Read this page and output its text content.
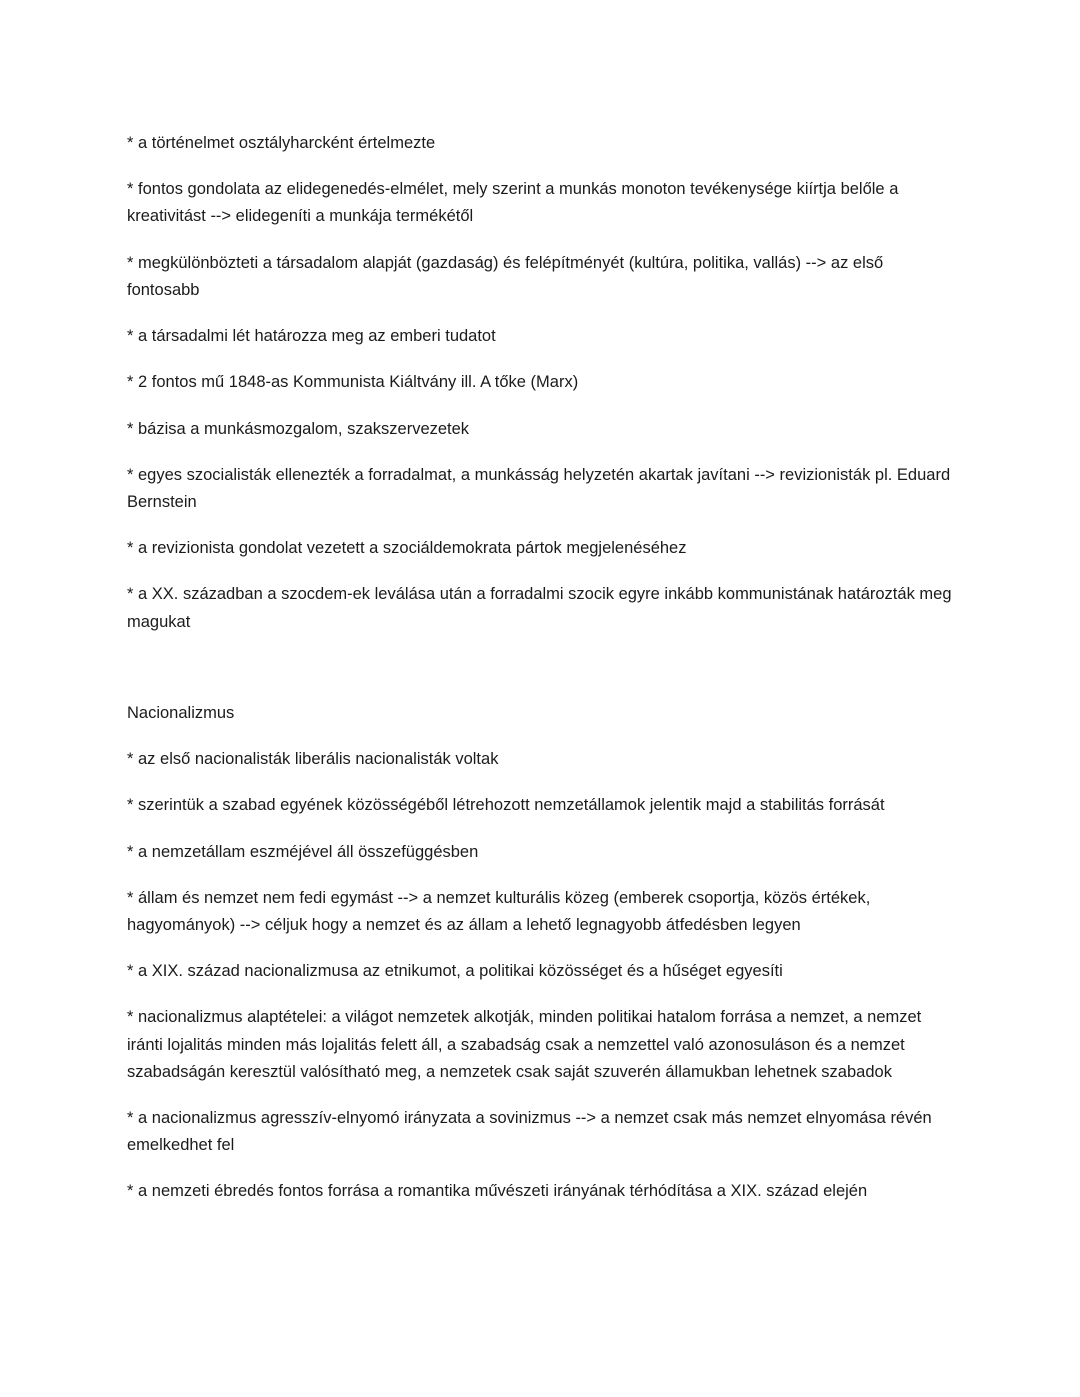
* a történelmet osztályharcként értelmezte

* fontos gondolata az elidegenedés-elmélet, mely szerint a munkás monoton tevékenysége kiírtja belőle a kreativitást --> elidegeníti a munkája termékétől

* megkülönbözteti a társadalom alapját (gazdaság) és felépítményét (kultúra, politika, vallás) --> az első fontosabb

* a társadalmi lét határozza meg az emberi tudatot

* 2 fontos mű 1848-as Kommunista Kiáltvány ill. A tőke (Marx)

* bázisa a munkásmozgalom, szakszervezetek

* egyes szocialisták ellenezték a forradalmat, a munkásság helyzetén akartak javítani --> revizionisták pl. Eduard Bernstein

* a revizionista gondolat vezetett a szociáldemokrata pártok megjelenéséhez

* a XX. században a szocdem-ek leválása után a forradalmi szocik egyre inkább kommunistának határozták meg magukat

Nacionalizmus

* az első nacionalisták liberális nacionalisták voltak

* szerintük a szabad egyének közösségéből létrehozott nemzetállamok jelentik majd a stabilitás forrását

* a nemzetállam eszméjével áll összefüggésben

* állam és nemzet nem fedi egymást --> a nemzet kulturális közeg (emberek csoportja, közös értékek, hagyományok) --> céljuk hogy a nemzet és az állam a lehető legnagyobb átfedésben legyen

* a XIX. század nacionalizmusa az etnikumot, a politikai közösséget és a hűséget egyesíti

* nacionalizmus alaptételei: a világot nemzetek alkotják, minden politikai hatalom forrása a nemzet, a nemzet iránti lojalitás minden más lojalitás felett áll, a szabadság csak a nemzettel való azonosuláson és a nemzet szabadságán keresztül valósítható meg, a nemzetek csak saját szuverén államukban lehetnek szabadok

* a nacionalizmus agresszív-elnyomó irányzata a sovinizmus --> a nemzet csak más nemzet elnyomása révén emelkedhet fel

* a nemzeti ébredés fontos forrása a romantika művészeti irányának térhódítása a XIX. század elején
